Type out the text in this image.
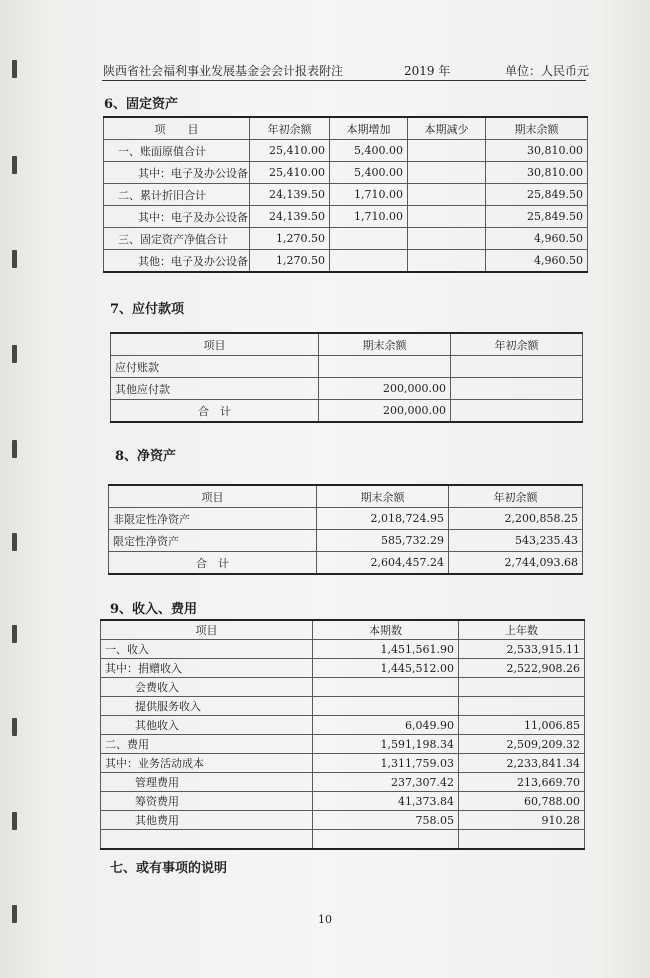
陕西省社会福利事业发展基金会会计报表附注	2019 年	单位：人民币元
6、固定资产
项　　目	年初余额	本期增加	本期减少	期末余额
一、账面原值合计	25,410.00	5,400.00		30,810.00
其中：电子及办公设备	25,410.00	5,400.00		30,810.00
二、累计折旧合计	24,139.50	1,710.00		25,849.50
其中：电子及办公设备	24,139.50	1,710.00		25,849.50
三、固定资产净值合计	1,270.50			4,960.50
其他：电子及办公设备	1,270.50			4,960.50
7、应付款项
项目	期末余额	年初余额
应付账款		
其他应付款	200,000.00	
合　计	200,000.00	
8、净资产
项目	期末余额	年初余额
非限定性净资产	2,018,724.95	2,200,858.25
限定性净资产	585,732.29	543,235.43
合　计	2,604,457.24	2,744,093.68
9、收入、费用
项目	本期数	上年数
一、收入	1,451,561.90	2,533,915.11
其中：捐赠收入	1,445,512.00	2,522,908.26
会费收入		
提供服务收入		
其他收入	6,049.90	11,006.85
二、费用	1,591,198.34	2,509,209.32
其中：业务活动成本	1,311,759.03	2,233,841.34
管理费用	237,307.42	213,669.70
筹资费用	41,373.84	60,788.00
其他费用	758.05	910.28

七、或有事项的说明
10
